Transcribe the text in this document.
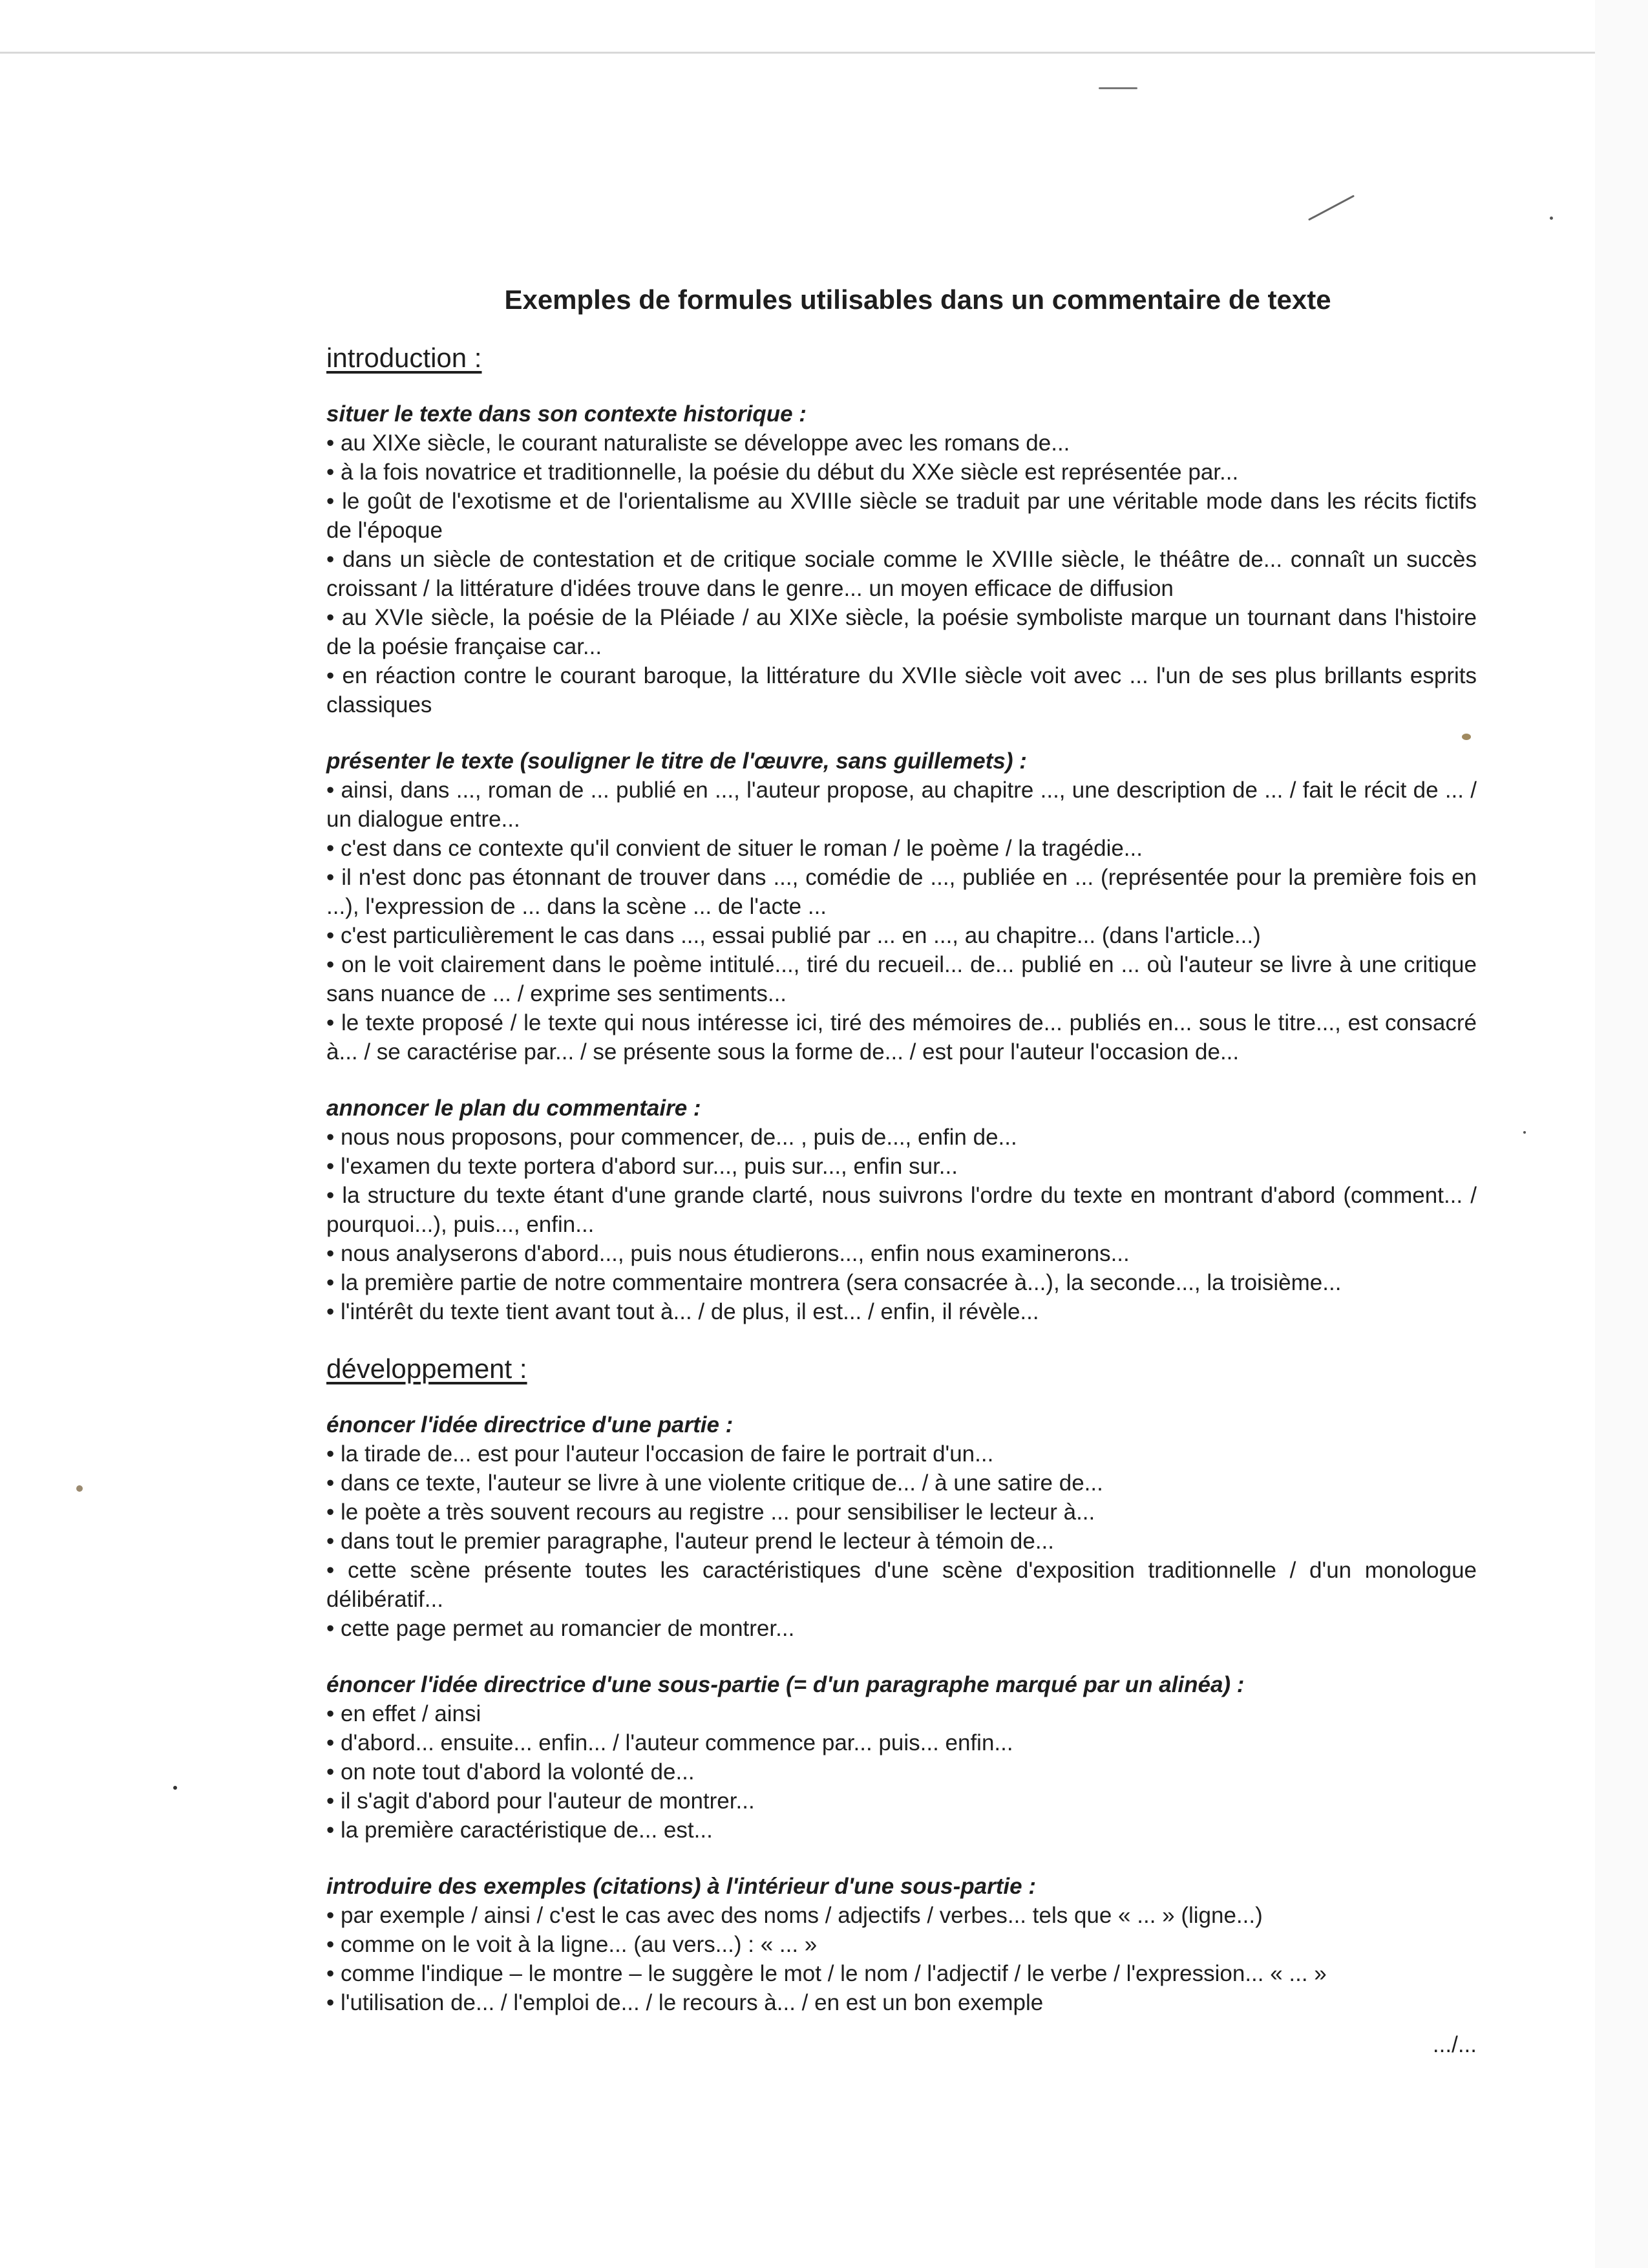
Exemples de formules utilisables dans un commentaire de texte
introduction :

situer le texte dans son contexte historique :

• au XIXe siècle, le courant naturaliste se développe avec les romans de...

• à la fois novatrice et traditionnelle, la poésie du début du XXe siècle est représentée par...

• le goût de l'exotisme et de l'orientalisme au XVIIIe siècle se traduit par une véritable mode dans les récits fictifs de l'époque

• dans un siècle de contestation et de critique sociale comme le XVIIIe siècle, le théâtre de... connaît un succès croissant / la littérature d'idées trouve dans le genre... un moyen efficace de diffusion

• au XVIe siècle, la poésie de la Pléiade / au XIXe siècle, la poésie symboliste marque un tournant dans l'histoire de la poésie française car...

• en réaction contre le courant baroque, la littérature du XVIIe siècle voit avec ... l'un de ses plus brillants esprits classiques

présenter le texte (souligner le titre de l'œuvre, sans guillemets) :

• ainsi, dans ..., roman de ... publié en ..., l'auteur propose, au chapitre ..., une description de ... / fait le récit de ... / un dialogue entre...

• c'est dans ce contexte qu'il convient de situer le roman / le poème / la tragédie...

• il n'est donc pas étonnant de trouver dans ..., comédie de ..., publiée en ... (représentée pour la première fois en ...), l'expression de ... dans la scène ... de l'acte ...

• c'est particulièrement le cas dans ..., essai publié par ... en ..., au chapitre... (dans l'article...)

• on le voit clairement dans le poème intitulé..., tiré du recueil... de... publié en ... où l'auteur se livre à une critique sans nuance de ... / exprime ses sentiments...

• le texte proposé / le texte qui nous intéresse ici, tiré des mémoires de... publiés en... sous le titre..., est consacré à... / se caractérise par... / se présente sous la forme de... / est pour l'auteur l'occasion de...

annoncer le plan du commentaire :

• nous nous proposons, pour commencer, de... , puis de..., enfin de...

• l'examen du texte portera d'abord sur..., puis sur..., enfin sur...

• la structure du texte étant d'une grande clarté, nous suivrons l'ordre du texte en montrant d'abord (comment... / pourquoi...), puis..., enfin...

• nous analyserons d'abord..., puis nous étudierons..., enfin nous examinerons...

• la première partie de notre commentaire montrera (sera consacrée à...), la seconde..., la troisième...

• l'intérêt du texte tient avant tout à... / de plus, il est... / enfin, il révèle...

développement :

énoncer l'idée directrice d'une partie :

• la tirade de... est pour l'auteur l'occasion de faire le portrait d'un...

• dans ce texte, l'auteur se livre à une violente critique de... / à une satire de...

• le poète a très souvent recours au registre ... pour sensibiliser le lecteur à...

• dans tout le premier paragraphe, l'auteur prend le lecteur à témoin de...

• cette scène présente toutes les caractéristiques d'une scène d'exposition traditionnelle / d'un monologue délibératif...

• cette page permet au romancier de montrer...

énoncer l'idée directrice d'une sous-partie (= d'un paragraphe marqué par un alinéa) :

• en effet / ainsi

• d'abord... ensuite... enfin... / l'auteur commence par... puis... enfin...

• on note tout d'abord la volonté de...

• il s'agit d'abord pour l'auteur de montrer...

• la première caractéristique de... est...

introduire des exemples (citations) à l'intérieur d'une sous-partie :

• par exemple / ainsi / c'est le cas avec des noms / adjectifs / verbes... tels que « ... » (ligne...)

• comme on le voit à la ligne... (au vers...) : « ... »

• comme l'indique – le montre – le suggère le mot / le nom / l'adjectif / le verbe / l'expression... « ... »

• l'utilisation de... / l'emploi de... / le recours à... / en est un bon exemple

.../...
